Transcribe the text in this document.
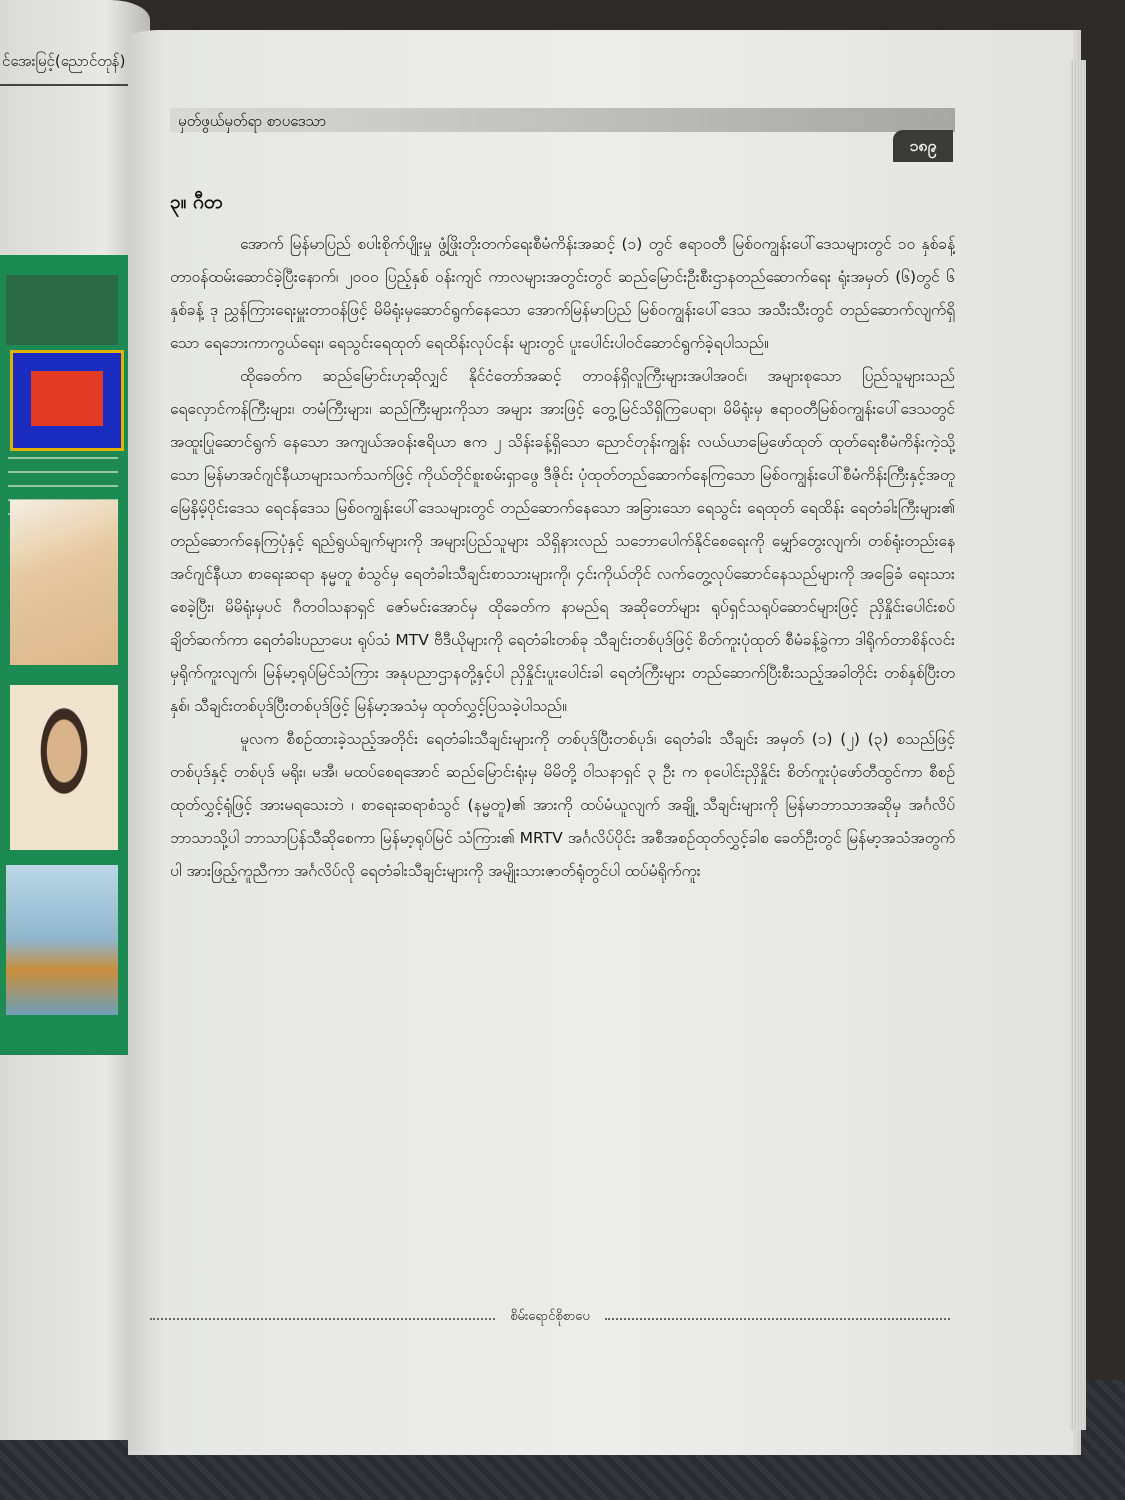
င်အေးမြင့်(ညောင်တုန်)
မှတ်ဖွယ်မှတ်ရာ စာပဒေသာ
၁၈၉
၃။ ဂီတ

အောက် မြန်မာပြည် စပါးစိုက်ပျိုးမှု ဖွံ့ဖြိုးတိုးတက်ရေးစီမံကိန်းအဆင့် (၁) တွင် ဧရာဝတီ မြစ်ဝကျွန်းပေါ်ဒေသများတွင် ၁၀ နှစ်ခန့် တာဝန်ထမ်းဆောင်ခဲ့ပြီးနောက်၊ ၂၀၀၀ ပြည့်နှစ် ဝန်းကျင် ကာလများအတွင်းတွင် ဆည်မြောင်းဦးစီးဌာနတည်ဆောက်ရေး ရုံးအမှတ် (၆)တွင် ၆ နှစ်ခန့် ဒု ညွှန်ကြားရေးမှူးတာဝန်ဖြင့် မိမိရုံးမှဆောင်ရွက်နေသော အောက်မြန်မာပြည် မြစ်ဝကျွန်းပေါ်ဒေသ အသီးသီးတွင် တည်ဆောက်လျက်ရှိသော ရေဘေးကာကွယ်ရေး၊ ရေသွင်းရေထုတ် ရေထိန်းလုပ်ငန်း များတွင် ပူးပေါင်းပါဝင်ဆောင်ရွက်ခဲ့ရပါသည်။

ထိုခေတ်က ဆည်မြောင်းဟုဆိုလျှင် နိုင်ငံတော်အဆင့် တာဝန်ရှိလူကြီးများအပါအဝင်၊ အများစုသော ပြည်သူများသည် ရေလှောင်ကန်ကြီးများ၊ တမံကြီးများ၊ ဆည်ကြီးများကိုသာ အများ အားဖြင့် တွေ့မြင်သိရှိကြပေရာ၊ မိမိရုံးမှ ဧရာဝတီမြစ်ဝကျွန်းပေါ်ဒေသတွင် အထူးပြုဆောင်ရွက် နေသော အကျယ်အဝန်းဧရိယာ ဧက ၂ သိန်းခန့်ရှိသော ညောင်တုန်းကျွန်း လယ်ယာမြေဖော်ထုတ် ထုတ်ရေးစီမံကိန်းကဲ့သို့သော မြန်မာအင်ဂျင်နီယာများသက်သက်ဖြင့် ကိုယ်တိုင်စူးစမ်းရှာဖွေ ဒီဇိုင်း ပုံထုတ်တည်ဆောက်နေကြသော မြစ်ဝကျွန်းပေါ်စီမံကိန်းကြီးနှင့်အတူ မြေနိမ့်ပိုင်းဒေသ ရေငန်ဒေသ မြစ်ဝကျွန်းပေါ်ဒေသများတွင် တည်ဆောက်နေသော အခြားသော ရေသွင်း ရေထုတ် ရေထိန်း ရေတံခါးကြီးများ၏ တည်ဆောက်နေကြပုံနှင့် ရည်ရွယ်ချက်များကို အများပြည်သူများ သိရှိနားလည် သဘောပေါက်နိုင်စေရေးကို မျှော်တွေးလျက်၊ တစ်ရုံးတည်းနေ အင်ဂျင်နီယာ စာရေးဆရာ နမ္မတူ စံသွင်မှ ရေတံခါးသီချင်းစာသားများကို၊ ၄င်းကိုယ်တိုင် လက်တွေ့လုပ်ဆောင်နေသည်များကို အခြေခံ ရေးသားစေခဲ့ပြီး၊ မိမိရုံးမှပင် ဂီတဝါသနာရှင် ဇော်မင်းအောင်မှ ထိုခေတ်က နာမည်ရ အဆိုတော်များ ရုပ်ရှင်သရုပ်ဆောင်များဖြင့် ညှိနှိုင်းပေါင်းစပ် ချိတ်ဆက်ကာ ရေတံခါးပညာပေး ရုပ်သံ MTV ဗီဒီယိုများကို ရေတံခါးတစ်ခု သီချင်းတစ်ပုဒ်ဖြင့် စိတ်ကူးပုံထုတ် စီမံခန့်ခွဲကာ ဒါရိုက်တာစိန်လင်းမှရိုက်ကူးလျက်၊ မြန်မာ့ရုပ်မြင်သံကြား အနုပညာဌာနတို့နှင့်ပါ ညှိနှိုင်းပူးပေါင်းခါ ရေတံကြီးများ တည်ဆောက်ပြီးစီးသည့်အခါတိုင်း တစ်နှစ်ပြီးတနှစ်၊ သီချင်းတစ်ပုဒ်ပြီးတစ်ပုဒ်ဖြင့် မြန်မာ့အသံမှ ထုတ်လွှင့်ပြသခဲ့ပါသည်။

မူလက စီစဉ်ထားခဲ့သည့်အတိုင်း ရေတံခါးသီချင်းများကို တစ်ပုဒ်ပြီးတစ်ပုဒ်၊ ရေတံခါး သီချင်း အမှတ် (၁) (၂) (၃) စသည်ဖြင့် တစ်ပုဒ်နှင့် တစ်ပုဒ် မရိုး၊ မအီ၊ မထပ်စေရအောင် ဆည်မြောင်းရုံးမှ မိမိတို့ ဝါသနာရှင် ၃ ဦး က စုပေါင်းညှိနှိုင်း စိတ်ကူးပုံဖော်တီထွင်ကာ စီစဉ် ထုတ်လွှင့်ရုံဖြင့် အားမရသေးဘဲ ၊ စာရေးဆရာစံသွင် (နမ္မတူ)၏ အားကို ထပ်မံယူလျက် အချို့ သီချင်းများကို မြန်မာဘာသာအဆိုမှ အင်္ဂလိပ်ဘာသာသို့ပါ ဘာသာပြန်သီဆိုစေကာ မြန်မာ့ရုပ်မြင် သံကြား၏ MRTV အင်္ဂလိပ်ပိုင်း အစီအစဉ်ထုတ်လွှင့်ခါစ ခေတ်ဦးတွင် မြန်မာ့အသံအတွက်ပါ အားဖြည့်ကူညီကာ အင်္ဂလိပ်လို ရေတံခါးသီချင်းများကို အမျိုးသားဇာတ်ရုံတွင်ပါ ထပ်မံရိုက်ကူး

စိမ်းရောင်စိုစာပေ
